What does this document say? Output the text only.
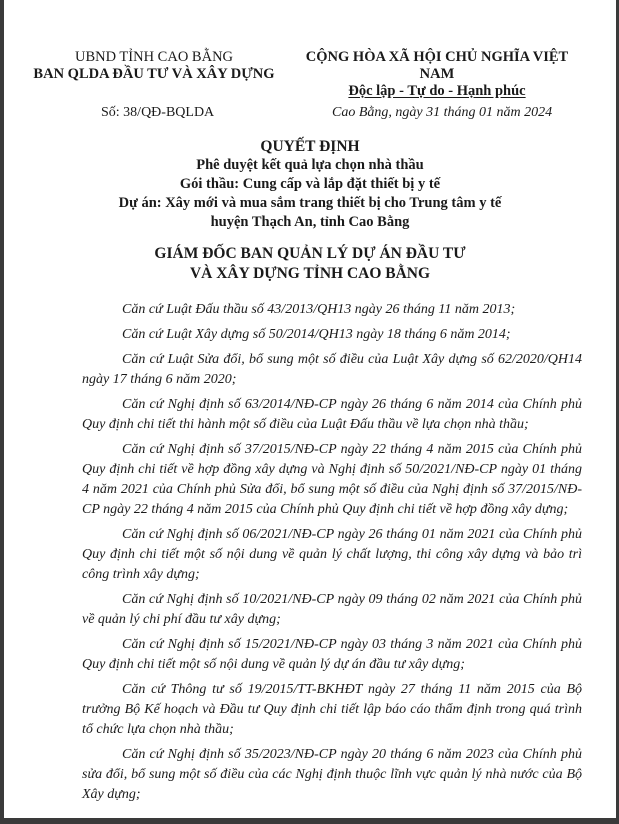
UBND TỈNH CAO BẰNG
BAN QLDA ĐẦU TƯ VÀ XÂY DỰNG
CỘNG HÒA XÃ HỘI CHỦ NGHĨA VIỆT NAM
Độc lập - Tự do - Hạnh phúc
Số: 38/QĐ-BQLDA	Cao Bằng, ngày 31 tháng 01 năm 2024
QUYẾT ĐỊNH
Phê duyệt kết quả lựa chọn nhà thầu
Gói thầu: Cung cấp và lắp đặt thiết bị y tế
Dự án: Xây mới và mua sắm trang thiết bị cho Trung tâm y tế
huyện Thạch An, tỉnh Cao Bằng
GIÁM ĐỐC BAN QUẢN LÝ DỰ ÁN ĐẦU TƯ
VÀ XÂY DỰNG TỈNH CAO BẰNG

Căn cứ Luật Đấu thầu số 43/2013/QH13 ngày 26 tháng 11 năm 2013;

Căn cứ Luật Xây dựng số 50/2014/QH13 ngày 18 tháng 6 năm 2014;

Căn cứ Luật Sửa đổi, bổ sung một số điều của Luật Xây dựng số 62/2020/QH14 ngày 17 tháng 6 năm 2020;

Căn cứ Nghị định số 63/2014/NĐ-CP ngày 26 tháng 6 năm 2014 của Chính phủ Quy định chi tiết thi hành một số điều của Luật Đấu thầu về lựa chọn nhà thầu;

Căn cứ Nghị định số 37/2015/NĐ-CP ngày 22 tháng 4 năm 2015 của Chính phủ Quy định chi tiết về hợp đồng xây dựng và Nghị định số 50/2021/NĐ-CP ngày 01 tháng 4 năm 2021 của Chính phủ Sửa đổi, bổ sung một số điều của Nghị định số 37/2015/NĐ-CP ngày 22 tháng 4 năm 2015 của Chính phủ Quy định chi tiết về hợp đồng xây dựng;

Căn cứ Nghị định số 06/2021/NĐ-CP ngày 26 tháng 01 năm 2021 của Chính phủ Quy định chi tiết một số nội dung về quản lý chất lượng, thi công xây dựng và bảo trì công trình xây dựng;

Căn cứ Nghị định số 10/2021/NĐ-CP ngày 09 tháng 02 năm 2021 của Chính phủ về quản lý chi phí đầu tư xây dựng;

Căn cứ Nghị định số 15/2021/NĐ-CP ngày 03 tháng 3 năm 2021 của Chính phủ Quy định chi tiết một số nội dung về quản lý dự án đầu tư xây dựng;

Căn cứ Thông tư số 19/2015/TT-BKHĐT ngày 27 tháng 11 năm 2015 của Bộ trưởng Bộ Kế hoạch và Đầu tư Quy định chi tiết lập báo cáo thẩm định trong quá trình tổ chức lựa chọn nhà thầu;

Căn cứ Nghị định số 35/2023/NĐ-CP ngày 20 tháng 6 năm 2023 của Chính phủ sửa đổi, bổ sung một số điều của các Nghị định thuộc lĩnh vực quản lý nhà nước của Bộ Xây dựng;
